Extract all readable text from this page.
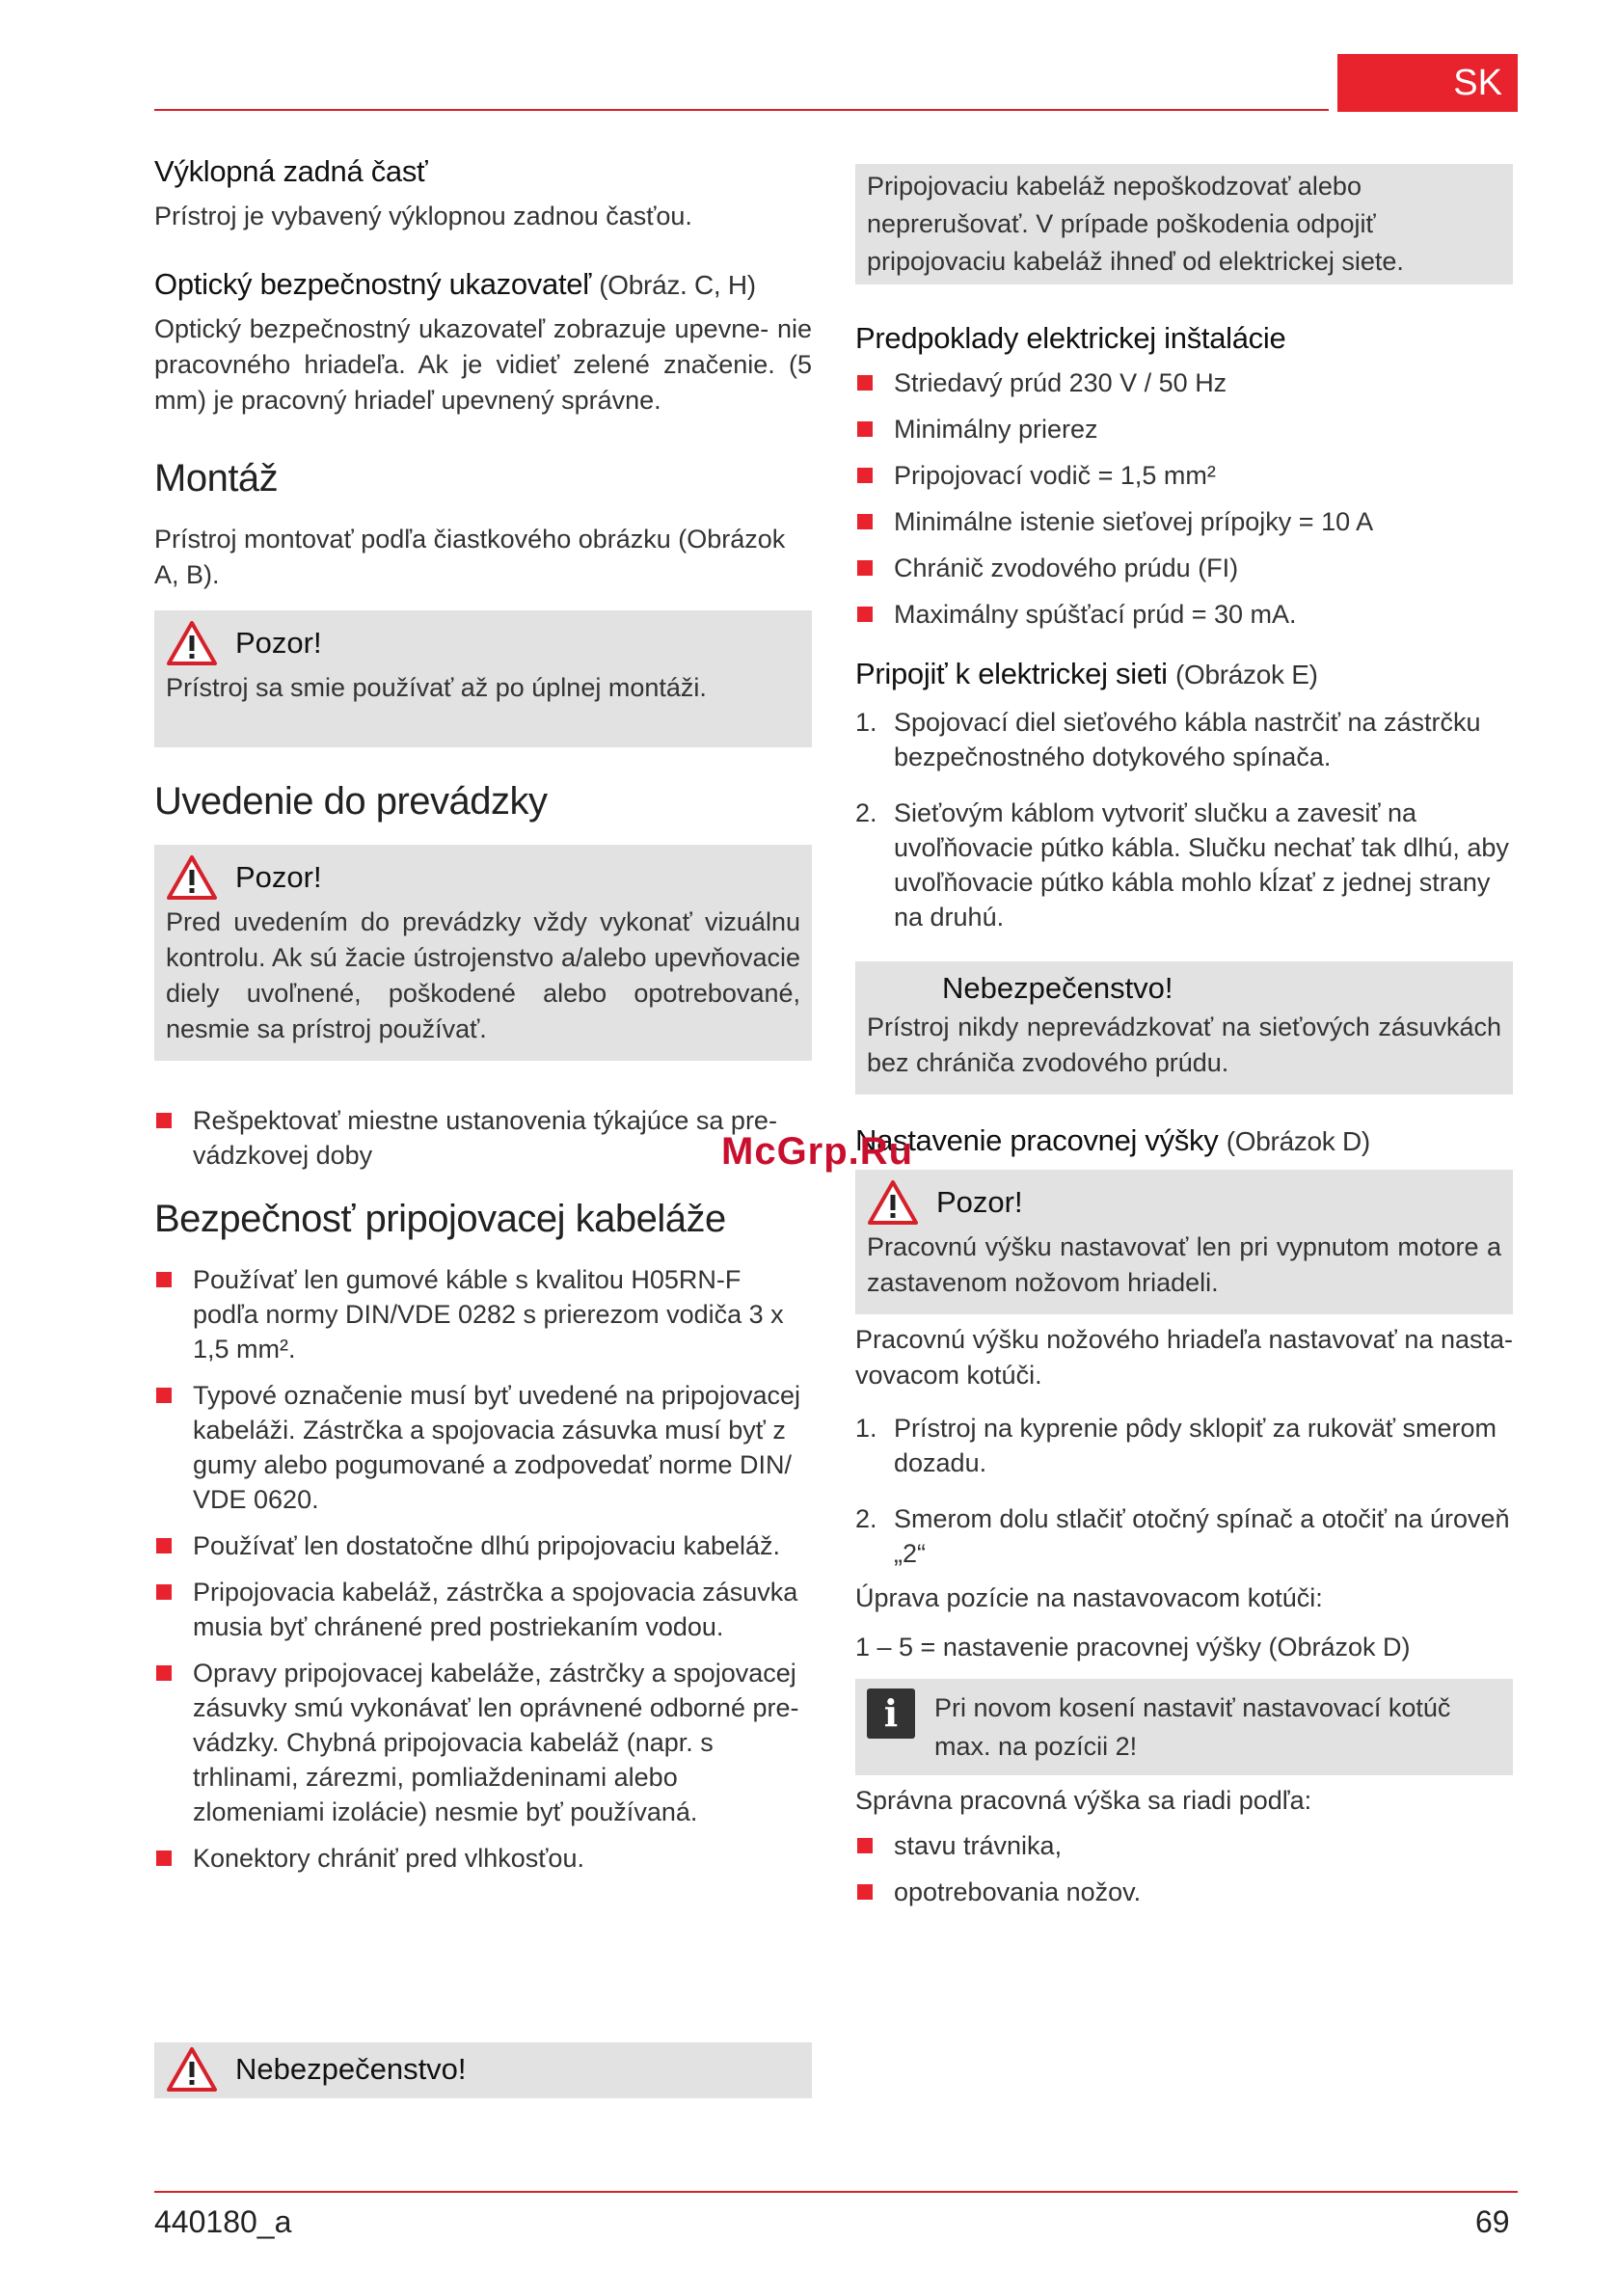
SK
Výklopná zadná časť

Prístroj je vybavený výklopnou zadnou časťou.

Optický bezpečnostný ukazovateľ (Obráz. C, H)

Optický bezpečnostný ukazovateľ zobrazuje upevne- nie pracovného hriadeľa. Ak je vidieť zelené značenie. (5 mm) je pracovný hriadeľ upevnený správne.

Montáž

Prístroj montovať podľa čiastkového obrázku (Obrázok A, B).

Pozor!

Prístroj sa smie používať až po úplnej montáži.

Uvedenie do prevádzky
Pozor!

Pred uvedením do prevádzky vždy vykonať vizuálnu kontrolu. Ak sú žacie ústrojenstvo a/alebo upevňovacie diely uvoľnené, poškodené alebo opotrebované, nesmie sa prístroj používať.

Rešpektovať miestne ustanovenia týkajúce sa pre- vádzkovej doby
Bezpečnosť pripojovacej kabeláže
Používať len gumové káble s kvalitou H05RN-F podľa normy DIN/VDE 0282 s prierezom vodiča 3 x 1,5 mm².
Typové označenie musí byť uvedené na pripojovacej kabeláži. Zástrčka a spojovacia zásuvka musí byť z gumy alebo pogumované a zodpovedať norme DIN/ VDE 0620.
Používať len dostatočne dlhú pripojovaciu kabeláž.
Pripojovacia kabeláž, zástrčka a spojovacia zásuvka musia byť chránené pred postriekaním vodou.
Opravy pripojovacej kabeláže, zástrčky a spojovacej zásuvky smú vykonávať len oprávnené odborné pre- vádzky. Chybná pripojovacia kabeláž (napr. s trhlinami, zárezmi, pomliaždeninami alebo zlomeniami izolácie) nesmie byť používaná.
Konektory chrániť pred vlhkosťou.
Nebezpečenstvo!

Pripojovaciu kabeláž nepoškodzovať alebo neprerušovať. V prípade poškodenia odpojiť pripojovaciu kabeláž ihneď od elektrickej siete.

Predpoklady elektrickej inštalácie
Striedavý prúd 230 V / 50 Hz
Minimálny prierez
Pripojovací vodič = 1,5 mm²
Minimálne istenie sieťovej prípojky = 10 A
Chránič zvodového prúdu (FI)
Maximálny spúšťací prúd = 30 mA.
Pripojiť k elektrickej sieti (Obrázok E)
1. Spojovací diel sieťového kábla nastrčiť na zástrčku bezpečnostného dotykového spínača.
2. Sieťovým káblom vytvoriť slučku a zavesiť na uvoľňovacie pútko kábla. Slučku nechať tak dlhú, aby uvoľňovacie pútko kábla mohlo kĺzať z jednej strany na druhú.
Nebezpečenstvo!

Prístroj nikdy neprevádzkovať na sieťových zásuvkách bez chrániča zvodového prúdu.

Nastavenie pracovnej výšky (Obrázok D)
Pozor!

Pracovnú výšku nastavovať len pri vypnutom motore a zastavenom nožovom hriadeli.

Pracovnú výšku nožového hriadeľa nastavovať na nasta- vovacom kotúči.

1. Prístroj na kyprenie pôdy sklopiť za rukoväť smerom dozadu.
2. Smerom dolu stlačiť otočný spínač a otočiť na úroveň „2“

Úprava pozície na nastavovacom kotúči:

1 – 5 = nastavenie pracovnej výšky (Obrázok D)

i	Pri novom kosení nastaviť nastavovací kotúč max. na pozícii 2!

Správna pracovná výška sa riadi podľa:

stavu trávnika,
opotrebovania nožov.
McGrp.Ru
440180_a	69
